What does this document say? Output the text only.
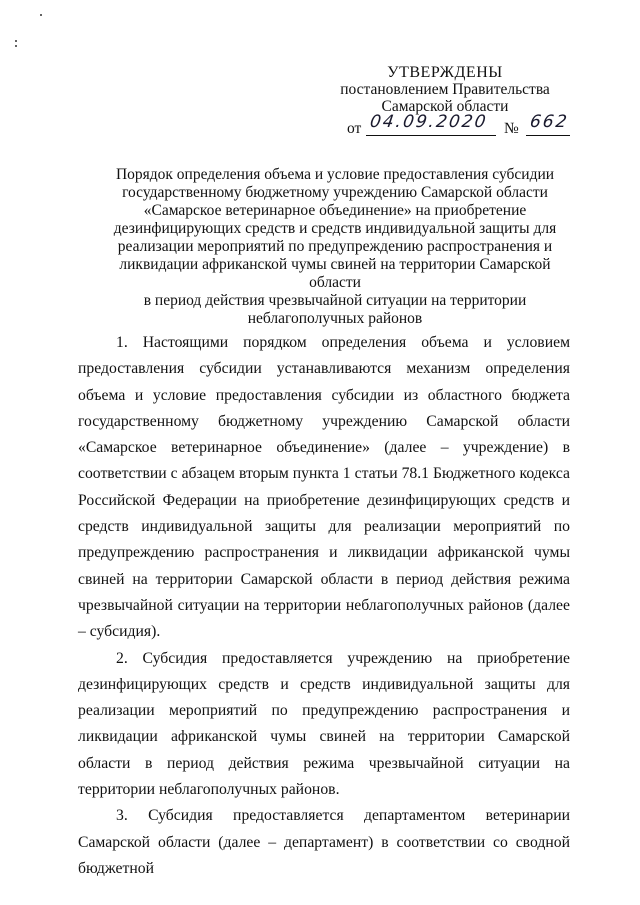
УТВЕРЖДЕНЫ
постановлением Правительства
Самарской области
от 04.09.2020 № 662
Порядок определения объема и условие предоставления субсидии
государственному бюджетному учреждению Самарской области
«Самарское ветеринарное объединение» на приобретение
дезинфицирующих средств и средств индивидуальной защиты для
реализации мероприятий по предупреждению распространения и
ликвидации африканской чумы свиней на территории Самарской области
в период действия чрезвычайной ситуации на территории
неблагополучных районов

1. Настоящими порядком определения объема и условием предоставления субсидии устанавливаются механизм определения объема и условие предоставления субсидии из областного бюджета государственному бюджетному учреждению Самарской области «Самарское ветеринарное объединение» (далее – учреждение) в соответствии с абзацем вторым пункта 1 статьи 78.1 Бюджетного кодекса Российской Федерации на приобретение дезинфицирующих средств и средств индивидуальной защиты для реализации мероприятий по предупреждению распространения и ликвидации африканской чумы свиней на территории Самарской области в период действия режима чрезвычайной ситуации на территории неблагополучных районов (далее – субсидия).

2. Субсидия предоставляется учреждению на приобретение дезинфицирующих средств и средств индивидуальной защиты для реализации мероприятий по предупреждению распространения и ликвидации африканской чумы свиней на территории Самарской области в период действия режима чрезвычайной ситуации на территории неблагополучных районов.

3. Субсидия предоставляется департаментом ветеринарии Самарской области (далее – департамент) в соответствии со сводной бюджетной
